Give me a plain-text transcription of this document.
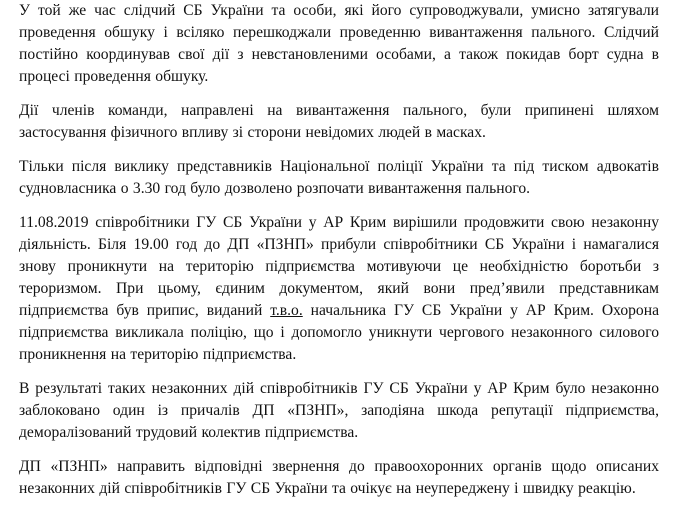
У той же час слідчий СБ України та особи, які його супроводжували, умисно затягували проведення обшуку і всіляко перешкоджали проведенню вивантаження пального. Слідчий постійно координував свої дії з невстановленими особами, а також покидав борт судна в процесі проведення обшуку.

Дії членів команди, направлені на вивантаження пального, були припинені шляхом застосування фізичного впливу зі сторони невідомих людей в масках.

Тільки після виклику представників Національної поліції України та під тиском адвокатів судновласника о 3.30 год було дозволено розпочати вивантаження пального.

11.08.2019 співробітники ГУ СБ України у АР Крим вирішили продовжити свою незаконну діяльність. Біля 19.00 год до ДП «ПЗНП» прибули співробітники СБ України і намагалися знову проникнути на територію підприємства мотивуючи це необхідністю боротьби з тероризмом. При цьому, єдиним документом, який вони пред’явили представникам підприємства був припис, виданий т.в.о. начальника ГУ СБ України у АР Крим. Охорона підприємства викликала поліцію, що і допомогло уникнути чергового незаконного силового проникнення на територію підприємства.

В результаті таких незаконних дій співробітників ГУ СБ України у АР Крим було незаконно заблоковано один із причалів ДП «ПЗНП», заподіяна шкода репутації підприємства, деморалізований трудовий колектив підприємства.

ДП «ПЗНП» направить відповідні звернення до правоохоронних органів щодо описаних незаконних дій співробітників ГУ СБ України та очікує на неупереджену і швидку реакцію.
